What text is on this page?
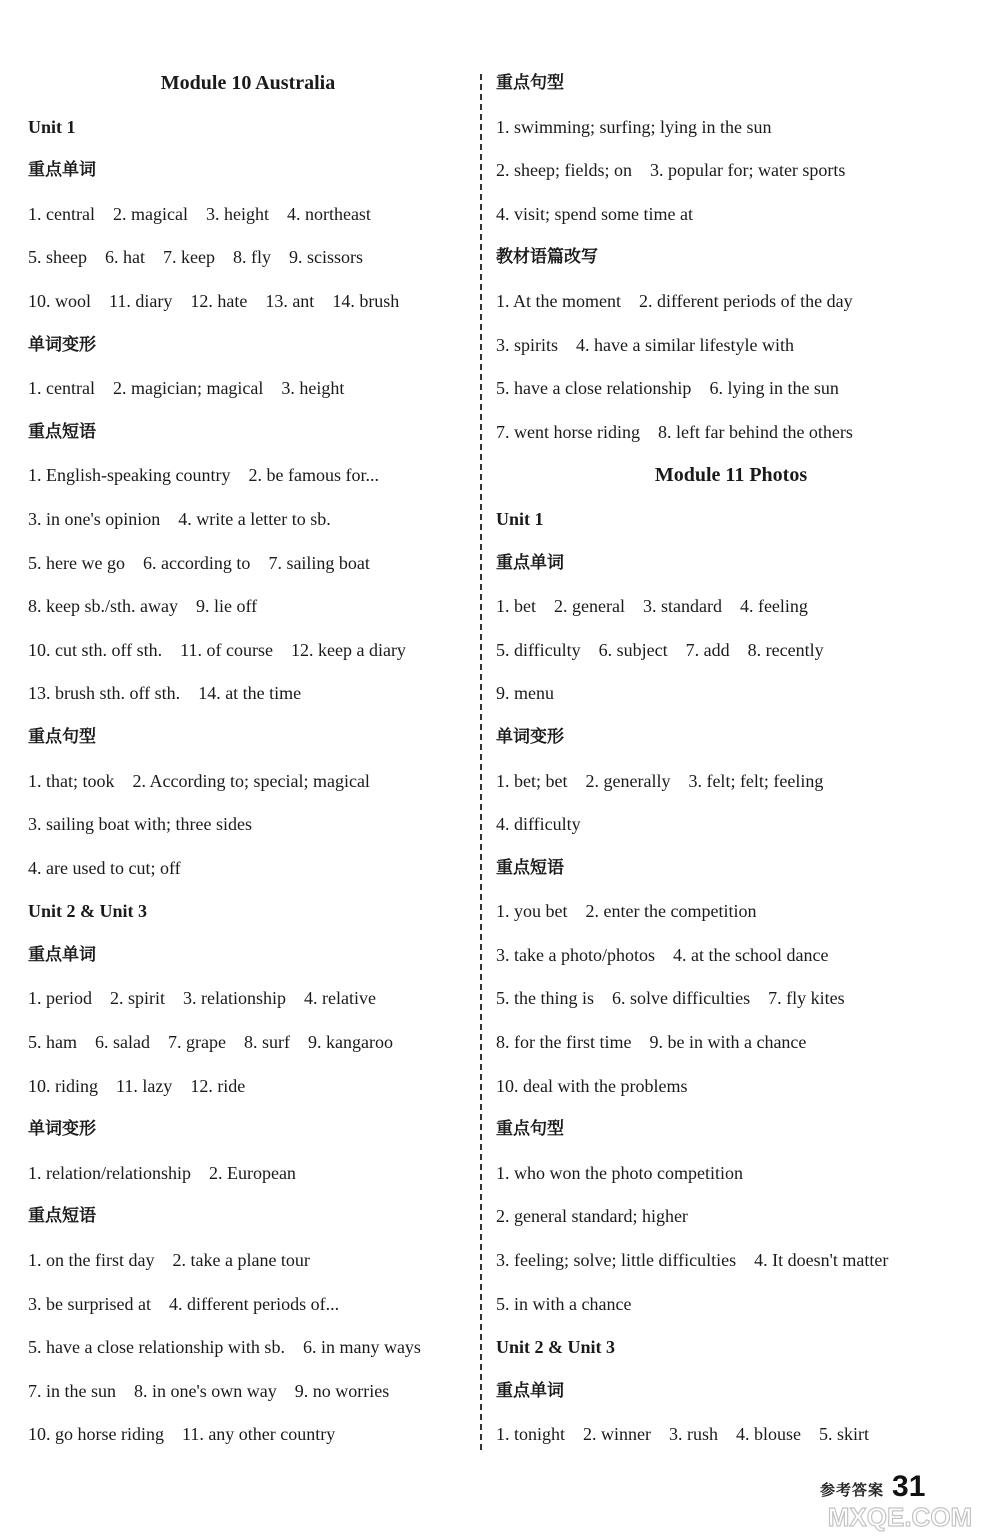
Module 10 Australia
Unit 1
重点单词
1. central 2. magical 3. height 4. northeast
5. sheep 6. hat 7. keep 8. fly 9. scissors
10. wool 11. diary 12. hate 13. ant 14. brush
单词变形
1. central 2. magician; magical 3. height
重点短语
1. English-speaking country 2. be famous for...
3. in one's opinion 4. write a letter to sb.
5. here we go 6. according to 7. sailing boat
8. keep sb./sth. away 9. lie off
10. cut sth. off sth. 11. of course 12. keep a diary
13. brush sth. off sth. 14. at the time
重点句型
1. that; took 2. According to; special; magical
3. sailing boat with; three sides
4. are used to cut; off
Unit 2 & Unit 3
重点单词
1. period 2. spirit 3. relationship 4. relative
5. ham 6. salad 7. grape 8. surf 9. kangaroo
10. riding 11. lazy 12. ride
单词变形
1. relation/relationship 2. European
重点短语
1. on the first day 2. take a plane tour
3. be surprised at 4. different periods of...
5. have a close relationship with sb. 6. in many ways
7. in the sun 8. in one's own way 9. no worries
10. go horse riding 11. any other country
重点句型
1. swimming; surfing; lying in the sun
2. sheep; fields; on 3. popular for; water sports
4. visit; spend some time at
教材语篇改写
1. At the moment 2. different periods of the day
3. spirits 4. have a similar lifestyle with
5. have a close relationship 6. lying in the sun
7. went horse riding 8. left far behind the others
Module 11 Photos
Unit 1
重点单词
1. bet 2. general 3. standard 4. feeling
5. difficulty 6. subject 7. add 8. recently
9. menu
单词变形
1. bet; bet 2. generally 3. felt; felt; feeling
4. difficulty
重点短语
1. you bet 2. enter the competition
3. take a photo/photos 4. at the school dance
5. the thing is 6. solve difficulties 7. fly kites
8. for the first time 9. be in with a chance
10. deal with the problems
重点句型
1. who won the photo competition
2. general standard; higher
3. feeling; solve; little difficulties 4. It doesn't matter
5. in with a chance
Unit 2 & Unit 3
重点单词
1. tonight 2. winner 3. rush 4. blouse 5. skirt
参考答案 31
MXQE.COM
